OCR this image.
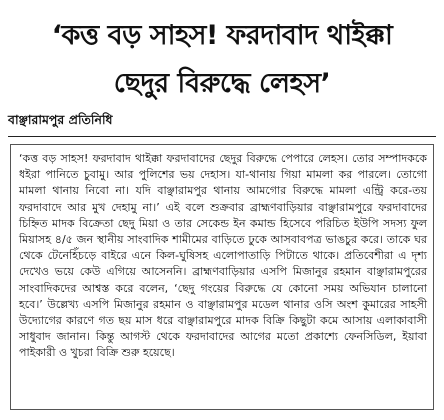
‘কত্ত বড় সাহস! ফরদাবাদ থাইক্কা
ছেদুর বিরুদ্ধে লেহস’
বাঞ্ছারামপুর প্রতিনিধি

‘কত্ত বড় সাহস! ফরদাবাদ থাইক্কা ফরদাবাদের ছেদুর বিরুদ্ধে পেপারে লেহস। তোর সম্পাদককে ধইরা পানিতে চুবামু। আর পুলিশের ভয় দেহাস। যা-থানায় গিয়া মামলা কর পারলে। তোগো মামলা থানায় নিবো না। যদি বাঞ্ছারামপুর থানায় আমগোর বিরুদ্ধে মামলা এন্ট্রি করে-তয় ফরদাবাদে আর মুখ দেহামু না।’ এই বলে শুক্রবার ব্রাহ্মণবাড়িয়ার বাঞ্ছারামপুরে ফরদাবাদের চিহ্নিত মাদক বিক্রেতা ছেদু মিয়া ও তার সেকেন্ড ইন কমান্ড হিসেবে পরিচিত ইউপি সদস্য ফুল মিয়াসহ ৪/৫ জন স্থানীয় সাংবাদিক শামীমের বাড়িতে ঢুকে আসবাবপত্র ভাঙচুর করে। তাকে ঘর থেকে টেনেহিঁচড়ে বাইরে এনে কিল-ঘুষিসহ এলোপাতাড়ি পিটাতে থাকে। প্রতিবেশীরা এ দৃশ্য দেখেও ভয়ে কেউ এগিয়ে আসেননি। ব্রাহ্মণবাড়িয়ার এসপি মিজানুর রহমান বাঞ্ছারামপুরের সাংবাদিকদের আশ্বস্ত করে বলেন, ‘ছেদু গংয়ের বিরুদ্ধে যে কোনো সময় অভিযান চালানো হবে।’ উল্লেখ্য এসপি মিজানুর রহমান ও বাঞ্ছারামপুর মডেল থানার ওসি অংশ কুমারের সাহসী উদ্যোগের কারণে গত ছয় মাস ধরে বাঞ্ছারামপুরে মাদক বিক্রি কিছুটা কমে আসায় এলাকাবাসী সাধুবাদ জানান। কিন্তু আগস্ট থেকে ফরদাবাদের আগের মতো প্রকাশ্যে ফেনসিডিল, ইয়াবা পাইকারী ও খুচরা বিক্রি শুরু হয়েছে।
